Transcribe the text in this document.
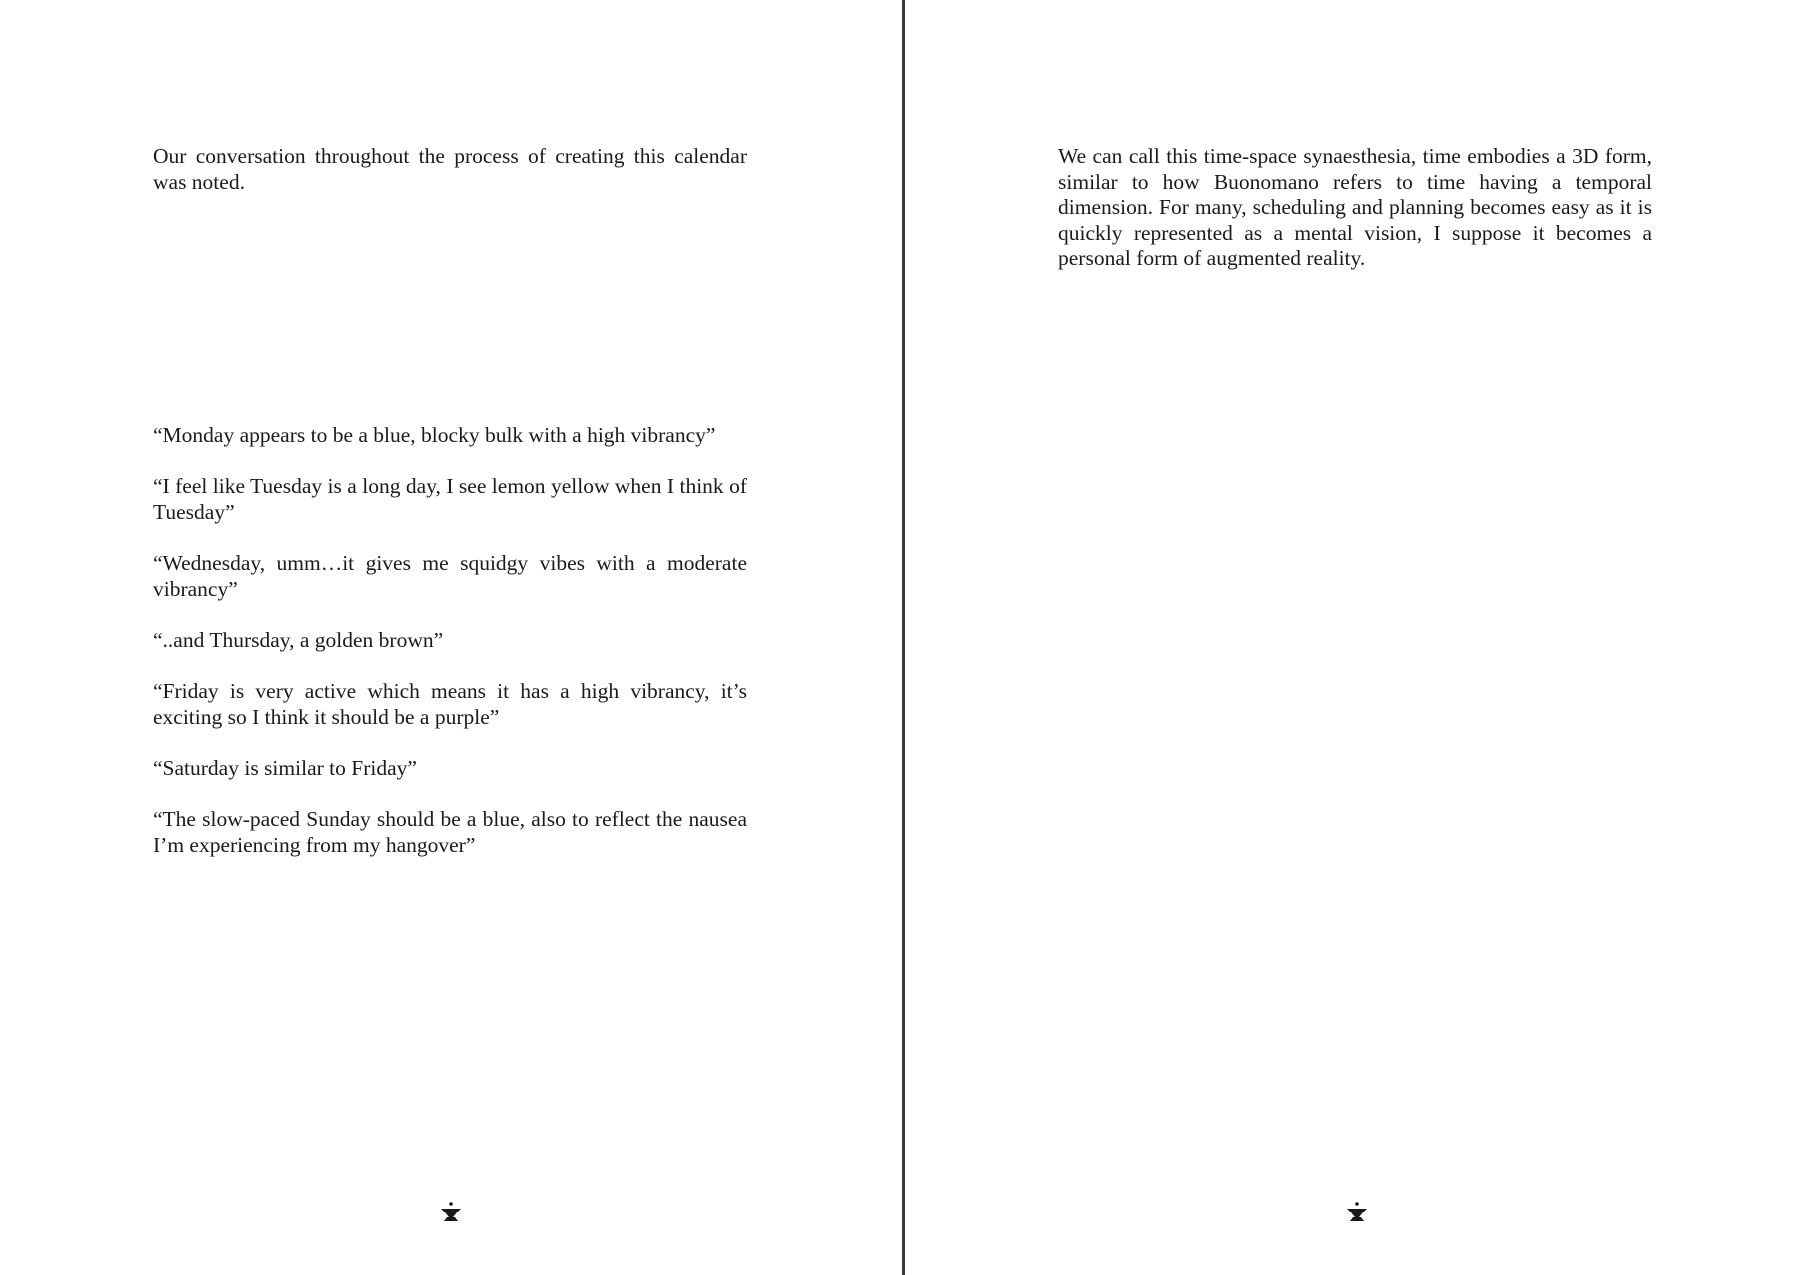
Our conversation throughout the process of creating this calendar was noted.

“Monday appears to be a blue, blocky bulk with a high vibrancy”

“I feel like Tuesday is a long day, I see lemon yellow when I think of Tuesday”

“Wednesday, umm…it gives me squidgy vibes with a moderate vibrancy”

“..and Thursday, a golden brown”

“Friday is very active which means it has a high vibrancy, it’s exciting so I think it should be a purple”

“Saturday is similar to Friday”

“The slow-paced Sunday should be a blue, also to reflect the nausea I’m experiencing from my hangover”

We can call this time-space synaesthesia, time embodies a 3D form, similar to how Buonomano refers to time having a temporal dimension. For many, scheduling and planning becomes easy as it is quickly represented as a mental vision, I suppose it becomes a personal form of augmented reality.
